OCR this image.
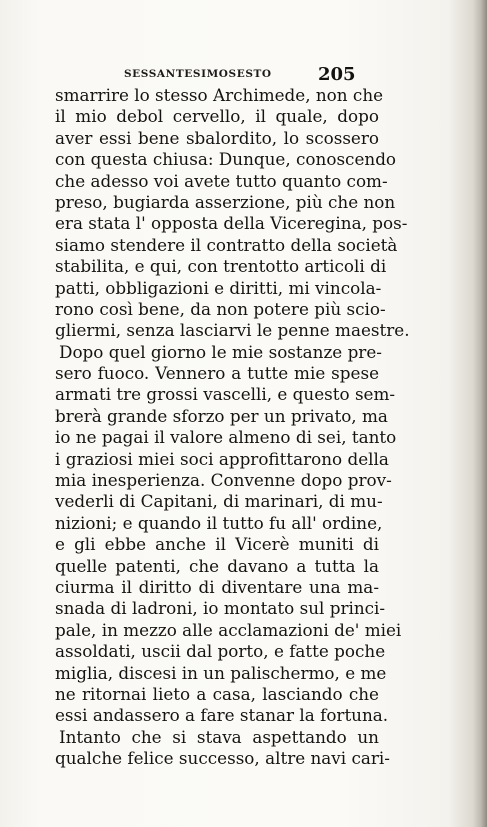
SESSANTESIMOSESTO	205
smarrire lo stesso Archimede, non che
il mio debol cervello, il quale, dopo
aver essi bene sbalordito, lo scossero
con questa chiusa: Dunque, conoscendo
che adesso voi avete tutto quanto com-
preso, bugiarda asserzione, più che non
era stata l' opposta della Viceregina, pos-
siamo stendere il contratto della società
stabilita, e qui, con trentotto articoli di
patti, obbligazioni e diritti, mi vincola-
rono così bene, da non potere più scio-
gliermi, senza lasciarvi le penne maestre.
Dopo quel giorno le mie sostanze pre-
sero fuoco. Vennero a tutte mie spese
armati tre grossi vascelli, e questo sem-
brerà grande sforzo per un privato, ma
io ne pagai il valore almeno di sei, tanto
i graziosi miei soci approfittarono della
mia inesperienza. Convenne dopo prov-
vederli di Capitani, di marinari, di mu-
nizioni; e quando il tutto fu all' ordine,
e gli ebbe anche il Vicerè muniti di
quelle patenti, che davano a tutta la
ciurma il diritto di diventare una ma-
snada di ladroni, io montato sul princi-
pale, in mezzo alle acclamazioni de' miei
assoldati, uscii dal porto, e fatte poche
miglia, discesi in un palischermo, e me
ne ritornai lieto a casa, lasciando che
essi andassero a fare stanar la fortuna.
Intanto che si stava aspettando un
qualche felice successo, altre navi cari-
